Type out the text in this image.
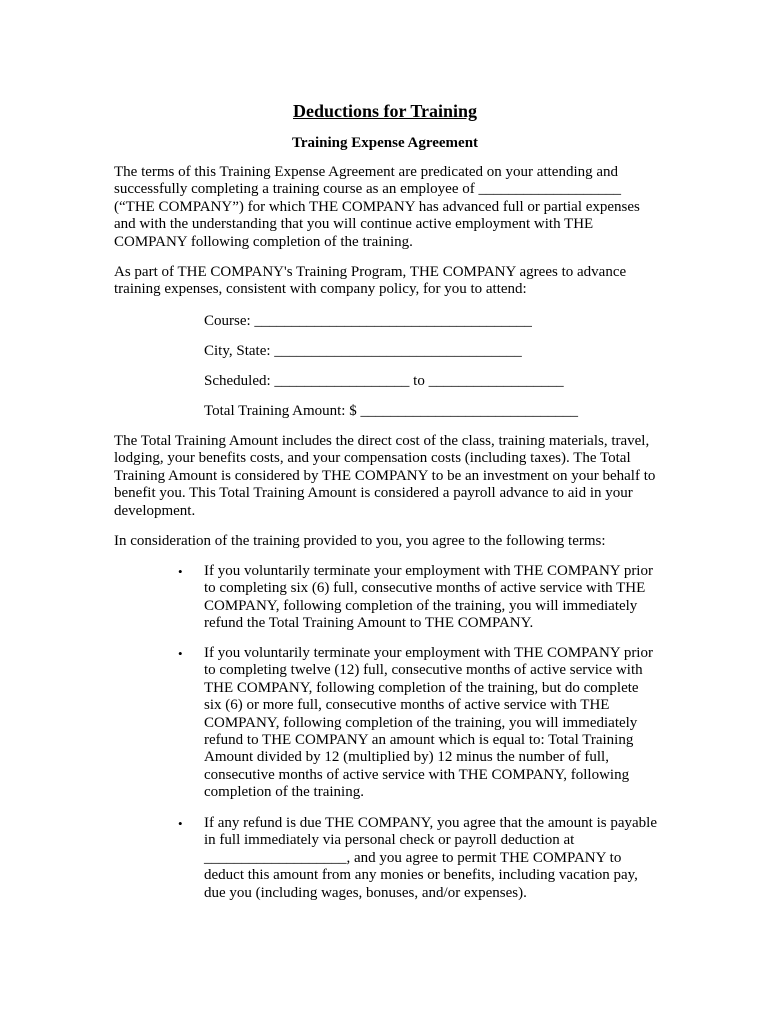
Deductions for Training
Training Expense Agreement

The terms of this Training Expense Agreement are predicated on your attending and successfully completing a training course as an employee of ___________________ (“THE COMPANY”) for which THE COMPANY has advanced full or partial expenses and with the understanding that you will continue active employment with THE COMPANY following completion of the training.

As part of THE COMPANY's Training Program, THE COMPANY agrees to advance training expenses, consistent with company policy, for you to attend:

Course: _____________________________________
City, State: _________________________________
Scheduled: __________________ to __________________
Total Training Amount: $ _____________________________

The Total Training Amount includes the direct cost of the class, training materials, travel, lodging, your benefits costs, and your compensation costs (including taxes). The Total Training Amount is considered by THE COMPANY to be an investment on your behalf to benefit you. This Total Training Amount is considered a payroll advance to aid in your development.

In consideration of the training provided to you, you agree to the following terms:

• If you voluntarily terminate your employment with THE COMPANY prior to completing six (6) full, consecutive months of active service with THE COMPANY, following completion of the training, you will immediately refund the Total Training Amount to THE COMPANY.
• If you voluntarily terminate your employment with THE COMPANY prior to completing twelve (12) full, consecutive months of active service with THE COMPANY, following completion of the training, but do complete six (6) or more full, consecutive months of active service with THE COMPANY, following completion of the training, you will immediately refund to THE COMPANY an amount which is equal to: Total Training Amount divided by 12 (multiplied by) 12 minus the number of full, consecutive months of active service with THE COMPANY, following completion of the training.
• If any refund is due THE COMPANY, you agree that the amount is payable in full immediately via personal check or payroll deduction at ___________________, and you agree to permit THE COMPANY to deduct this amount from any monies or benefits, including vacation pay, due you (including wages, bonuses, and/or expenses).
